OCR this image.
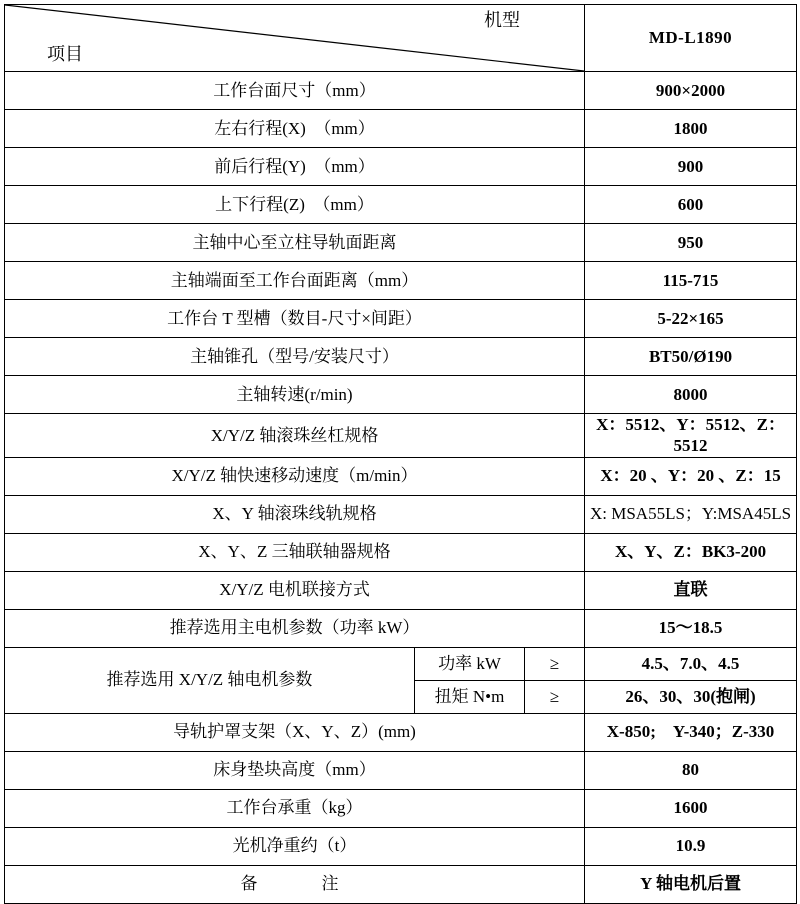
机型
项目			MD-L1890
工作台面尺寸（mm）			900×2000
左右行程(X)　（mm）			1800
前后行程(Y)　（mm）			900
上下行程(Z)　（mm）			600
主轴中心至立柱导轨面距离			950
主轴端面至工作台面距离（mm）			115-715
工作台 T 型槽（数目-尺寸×间距）			5-22×165
主轴锥孔（型号/安装尺寸）			BT50/Ø190
主轴转速(r/min)			8000
X/Y/Z 轴滚珠丝杠规格			X：5512、Y：5512、Z：5512
X/Y/Z 轴快速移动速度（m/min）			X：20 、Y：20 、Z：15
X、Y 轴滚珠线轨规格			X: MSA55LS；Y:MSA45LS
X、Y、Z 三轴联轴器规格			X、Y、Z：BK3-200
X/Y/Z 电机联接方式			直联
推荐选用主电机参数（功率 kW）			15～18.5
推荐选用 X/Y/Z 轴电机参数	功率 kW	≥	4.5、7.0、4.5
	扭矩 N•m	≥	26、30、30(抱闸)
导轨护罩支架（X、Y、Z）(mm)			X-850;　Y-340；Z-330
床身垫块高度（mm）			80
工作台承重（kg）			1600
光机净重约（t）			10.9
备　　注			Y 轴电机后置
